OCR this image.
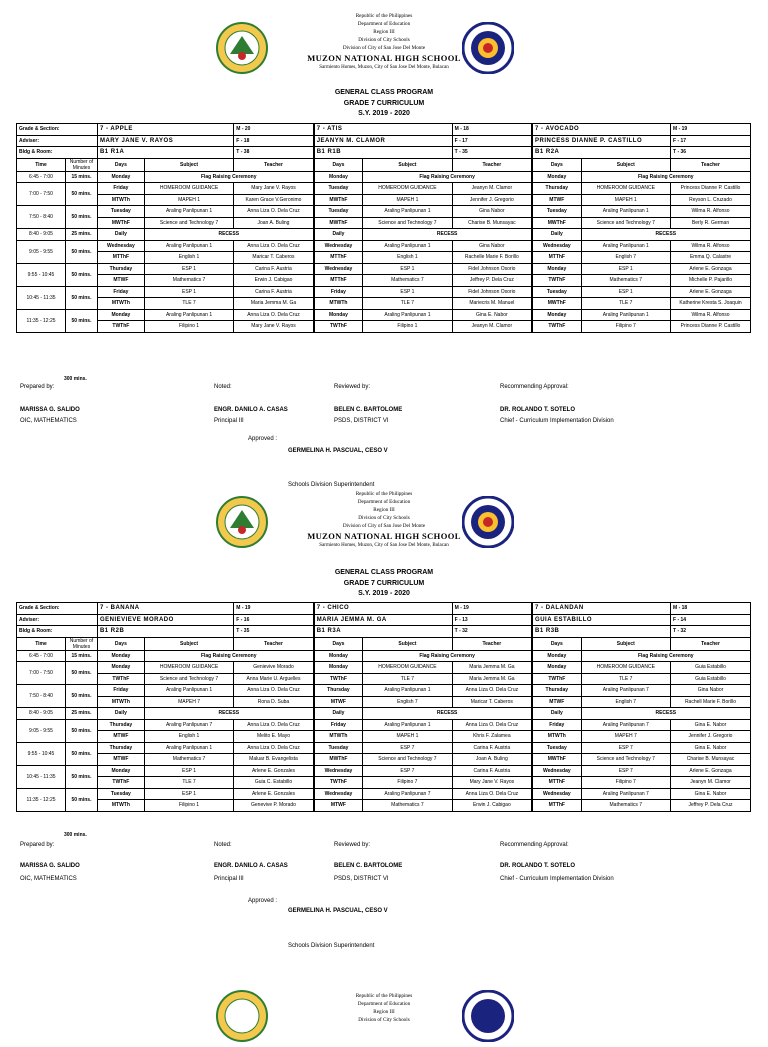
Republic of the Philippines
Department of Education
Region III
Division of City Schools
Division of City of San Jose Del Monte
MUZON NATIONAL HIGH SCHOOL
Sarmiento Homes, Muzon, City of San Jose Del Monte, Bulacan
GENERAL CLASS PROGRAM
GRADE 7 CURRICULUM
S.Y. 2019 - 2020
Grade & Section:		7 - APPLE		M - 20	7 - ATIS		M - 18	7 - AVOCADO		M - 19
Adviser:		MARY JANE V. RAYOS		F - 18	JEANYN M. CLAMOR		F - 17	PRINCESS DIANNE P. CASTILLO		F - 17
Bldg & Room:		B1 R1A		T - 38	B1 R1B		T - 35	B1 R2A		T - 36
Time	Number of Minutes	Days	Subject	Teacher	Days	Subject	Teacher	Days	Subject	Teacher
6:45 - 7:00	15 mins.	Monday	Flag Raising Ceremony		Monday	Flag Raising Ceremony		Monday	Flag Raising Ceremony	
7:00 - 7:50	50 mins.	Friday	HOMEROOM GUIDANCE	Mary Jane V. Rayos	Tuesday	HOMEROOM GUIDANCE	Jeanyn M. Clamor	Thursday	HOMEROOM GUIDANCE	Princess Dianne P. Castillo
		MTWTh	MAPEH 1	Karen Grace V.Geronimo	MWThF	MAPEH 1	Jennifer J. Gregorio	MTWF	MAPEH 1	Reyson L. Cruzado
7:50 - 8:40	50 mins.	Tuesday	Araling Panlipunan 1	Anna Liza O. Dela Cruz	Tuesday	Araling Panlipunan 1	Gina Nabor	Tuesday	Araling Panlipunan 1	Wilma R. Alfonso
		MWThF	Science and Technology 7	Joan A. Buling	MWThF	Science and Technology 7	Charise B. Munsayac	MWThF	Science and Technology 7	Berly R. German
8:40 - 9:05	25 mins.	Daily	RECESS		Daily	RECESS		Daily	RECESS	
9:05 - 9:55	50 mins.	Wednesday	Araling Panlipunan 1	Anna Liza O. Dela Cruz	Wednesday	Araling Panlipunan 1	Gina Nabor	Wednesday	Araling Panlipunan 1	Wilma R. Alfonso
		MTThF	English 1	Maricar T. Caberos	MTThF	English 1	Rachelle Marie F. Borillo	MTThF	English 7	Emma Q. Calastre
9:55 - 10:45	50 mins.	Thursday	ESP 1	Carina F. Austria	Wednesday	ESP 1	Fidel Johnson Osorio	Monday	ESP 1	Arlene E. Gonzaga
		MTWF	Mathematics 7	Erwin J. Cabigao	MTThF	Mathematics 7	Jeffrey P. Dela Cruz	TWThF	Mathematics 7	Michelle P. Pajarillo
10:45 - 11:35	50 mins.	Friday	ESP 1	Carina F. Austria	Friday	ESP 1	Fidel Johnson Osorio	Tuesday	ESP 1	Arlene E. Gonzaga
		MTWTh	TLE 7	Maria Jemma M. Ga	MTWTh	TLE 7	Mariecris M. Manuel	MWThF	TLE 7	Katherine Kresta S. Joaquin
11:35 - 12:25	50 mins.	Monday	Araling Panlipunan 1	Anna Liza O. Dela Cruz	Monday	Araling Panlipunan 1	Gina E. Nabor	Monday	Araling Panlipunan 1	Wilma R. Alfonso
		TWThF	Filipino 1	Mary Jane V. Rayos	TWThF	Filipino 1	Jeanyn M. Clamor	TWThF	Filipino 7	Princess Dianne P. Castillo
300 mins.
Prepared by:	Noted:	Reviewed by:	Recommending Approval:
MARISSA G. SALIDO
OIC, MATHEMATICS
ENGR. DANILO A. CASAS
Principal III
BELEN C. BARTOLOME
PSDS, DISTRICT VI
DR. ROLANDO T. SOTELO
Chief - Curriculum Implementation Division
Approved :
GERMELINA H. PASCUAL, CESO V
Schools Division Superintendent
Republic of the Philippines
Department of Education
Region III
Division of City Schools
Division of City of San Jose Del Monte
MUZON NATIONAL HIGH SCHOOL
Sarmiento Homes, Muzon, City of San Jose Del Monte, Bulacan
GENERAL CLASS PROGRAM
GRADE 7 CURRICULUM
S.Y. 2019 - 2020
Grade & Section:		7 - BANANA		M - 19	7 - CHICO		M - 19	7 - DALANDAN		M - 18
Adviser:		GENIEVIEVE MORADO		F - 16	MARIA JEMMA M. GA		F - 13	GUIA ESTABILLO		F - 14
Bldg & Room:		B1 R2B		T - 35	B1 R3A		T - 32	B1 R3B		T - 32
Time	Number of Minutes	Days	Subject	Teacher	Days	Subject	Teacher	Days	Subject	Teacher
6:45 - 7:00	15 mins.	Monday	Flag Raising Ceremony		Monday	Flag Raising Ceremony		Monday	Flag Raising Ceremony	
7:00 - 7:50	50 mins.	Monday	HOMEROOM GUIDANCE	Genievive Morado	Monday	HOMEROOM GUIDANCE	Maria Jemma M. Ga	Monday	HOMEROOM GUIDANCE	Guia Estabillo
		TWThF	Science and Technology 7	Anna Marie U. Arguelles	TWThF	TLE 7	Maria Jemma M. Ga	TWThF	TLE 7	Guia Estabillo
7:50 - 8:40	50 mins.	Friday	Araling Panlipunan 1	Anna Liza O. Dela Cruz	Thursday	Araling Panlipunan 1	Anna Liza O. Dela Cruz	Thursday	Araling Panlipunan 7	Gina Nabor
		MTWTh	MAPEH 7	Rona D. Suba	MTWF	English 7	Maricar T. Caberos	MTWF	English 7	Rachell Marie F. Borillo
8:40 - 9:05	25 mins.	Daily	RECESS		Daily	RECESS		Daily	RECESS	
9:05 - 9:55	50 mins.	Thursday	Araling Panlipunan 7	Anna Liza O. Dela Cruz	Friday	Araling Panlipunan 1	Anna Liza O. Dela Cruz	Friday	Araling Panlipunan 7	Gina E. Nabor
		MTWF	English 1	Melito E. Mayo	MTWTh	MAPEH 1	Khris F. Zalamea	MTWTh	MAPEH 7	Jennifer J. Gregorio
9:55 - 10:45	50 mins.	Thursday	Araling Panlipunan 1	Anna Liza O. Dela Cruz	Tuesday	ESP 7	Carina F. Austria	Tuesday	ESP 7	Gina E. Nabor
		MTWF	Mathematics 7	Maluar B. Evangelista	MWThF	Science and Technology 7	Joan A. Buling	MWThF	Science and Technology 7	Charise B. Munsayac
10:45 - 11:35	50 mins.	Monday	ESP 1	Arlene E. Gonzales	Wednesday	ESP 7	Carina F. Austria	Wednesday	ESP 7	Arlene E. Gonzaga
		TWThF	TLE 7	Guia C. Estabillo	TWThF	Filipino 7	Mary Jane V. Rayos	MTThF	Filipino 7	Jeanyn M. Clamor
11:35 - 12:25	50 mins.	Tuesday	ESP 1	Arlene E. Gonzales	Wednesday	Araling Panlipunan 7	Anna Liza O. Dela Cruz	Wednesday	Araling Panlipunan 7	Gina E. Nabor
		MTWTh	Filipino 1	Genevive P. Morado	MTWF	Mathematics 7	Erwin J. Cabigao	MTThF	Mathematics 7	Jeffrey P. Dela Cruz
300 mins.
Prepared by:	Noted:	Reviewed by:	Recommending Approval:
MARISSA G. SALIDO
OIC, MATHEMATICS
ENGR. DANILO A. CASAS
Principal III
BELEN C. BARTOLOME
PSDS, DISTRICT VI
DR. ROLANDO T. SOTELO
Chief - Curriculum Implementation Division
Approved :
GERMELINA H. PASCUAL, CESO V
Schools Division Superintendent
Republic of the Philippines
Department of Education
Region III
Division of City Schools
